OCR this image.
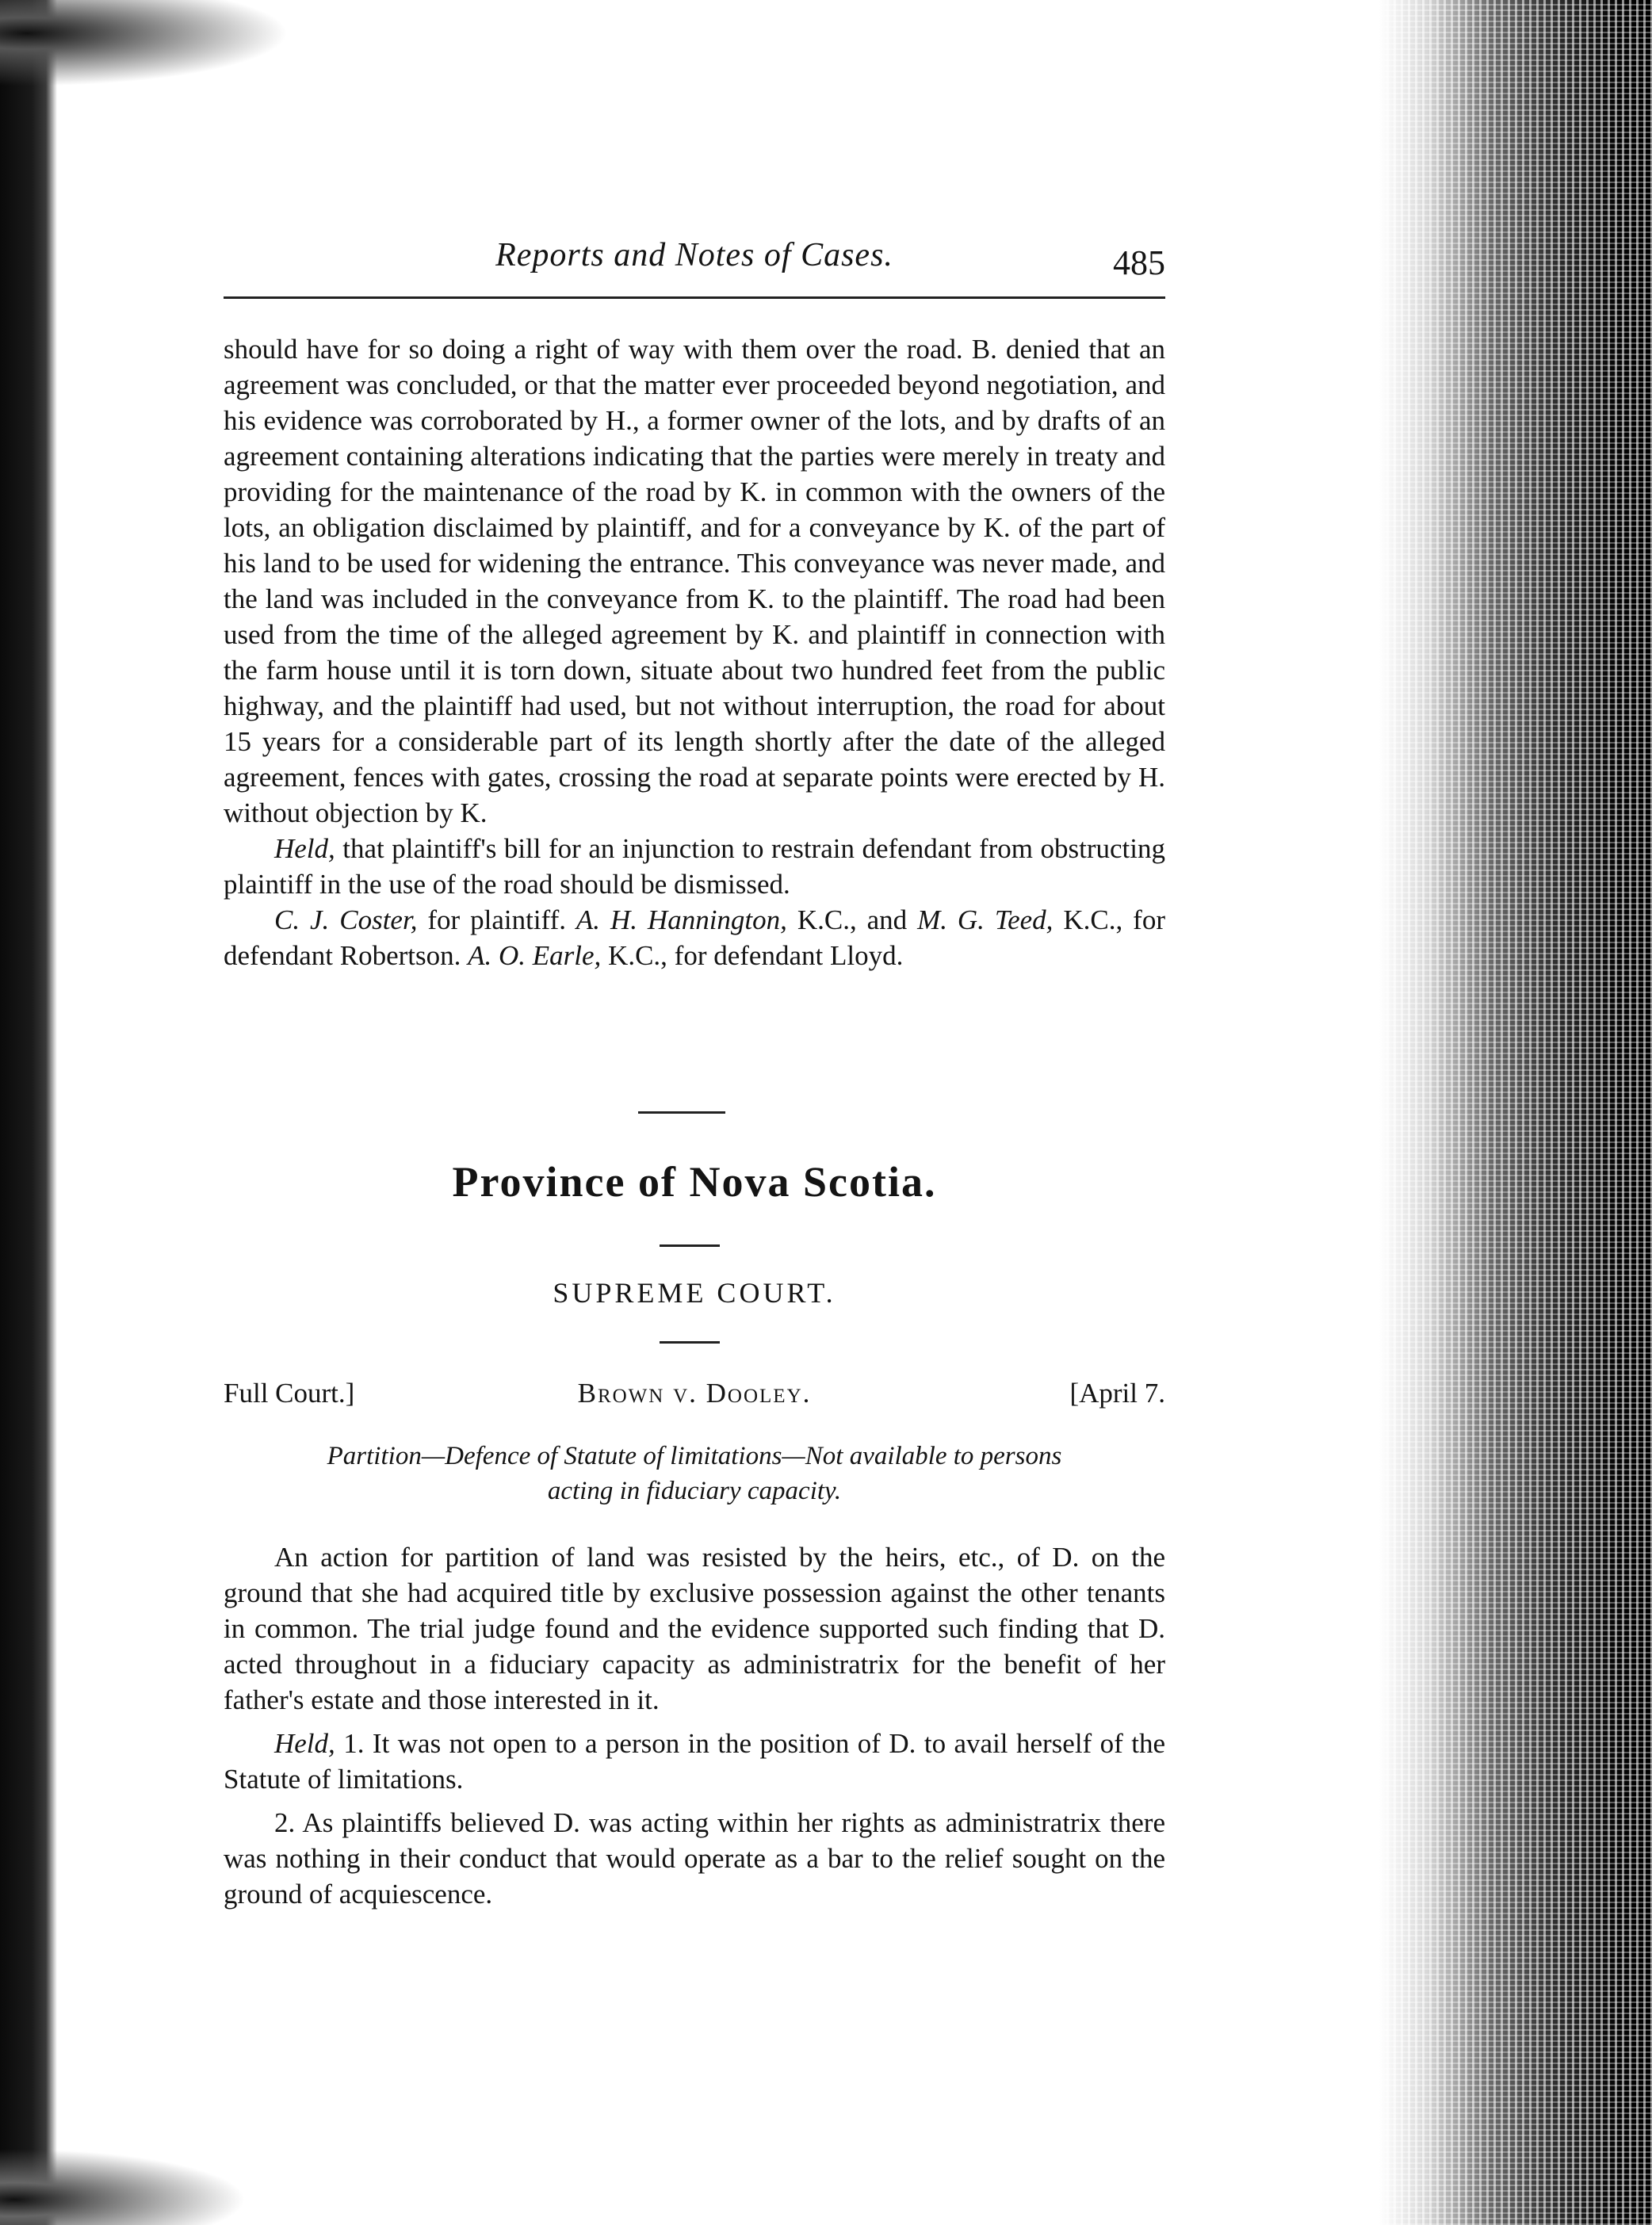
Reports and Notes of Cases.	485

should have for so doing a right of way with them over the road. B. denied that an agreement was concluded, or that the matter ever proceeded beyond negotiation, and his evidence was corroborated by H., a former owner of the lots, and by drafts of an agreement containing alterations indicating that the parties were merely in treaty and providing for the maintenance of the road by K. in common with the owners of the lots, an obligation disclaimed by plaintiff, and for a conveyance by K. of the part of his land to be used for widening the entrance. This conveyance was never made, and the land was included in the conveyance from K. to the plaintiff. The road had been used from the time of the alleged agreement by K. and plaintiff in connection with the farm house until it is torn down, situate about two hundred feet from the public highway, and the plaintiff had used, but not without interruption, the road for about 15 years for a considerable part of its length shortly after the date of the alleged agreement, fences with gates, crossing the road at separate points were erected by H. without objection by K.

Held, that plaintiff's bill for an injunction to restrain defendant from obstructing plaintiff in the use of the road should be dismissed.

C. J. Coster, for plaintiff. A. H. Hannington, K.C., and M. G. Teed, K.C., for defendant Robertson. A. O. Earle, K.C., for defendant Lloyd.

Province of Nova Scotia.
SUPREME COURT.
Full Court.]	Brown v. Dooley.	[April 7.
Partition—Defence of Statute of limitations—Not available to persons
acting in fiduciary capacity.

An action for partition of land was resisted by the heirs, etc., of D. on the ground that she had acquired title by exclusive possession against the other tenants in common. The trial judge found and the evidence supported such finding that D. acted throughout in a fiduciary capacity as administratrix for the benefit of her father's estate and those interested in it.

Held, 1. It was not open to a person in the position of D. to avail herself of the Statute of limitations.

2. As plaintiffs believed D. was acting within her rights as administratrix there was nothing in their conduct that would operate as a bar to the relief sought on the ground of acquiescence.
